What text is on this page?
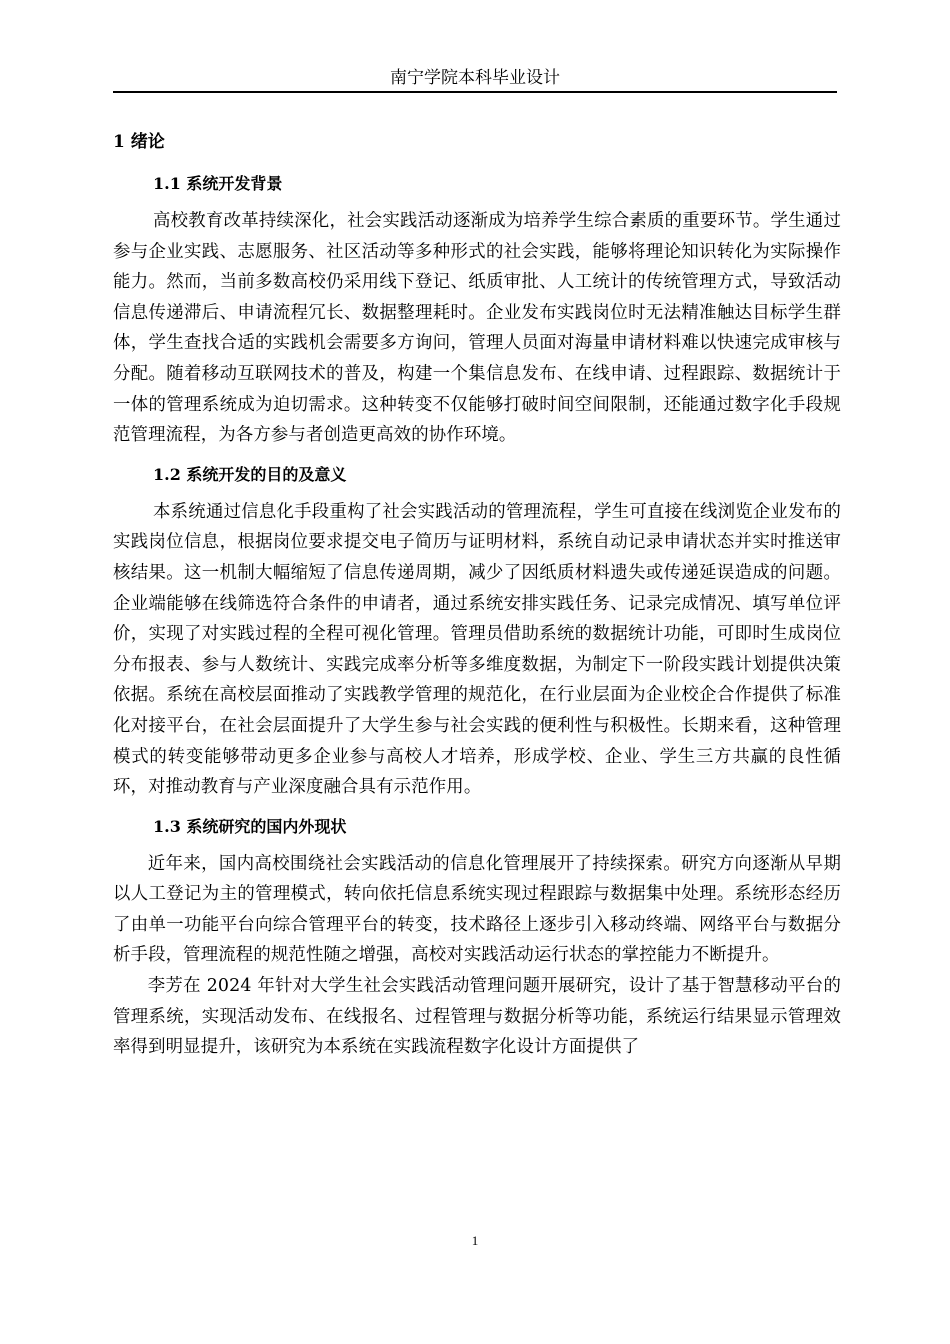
南宁学院本科毕业设计
1 绪论
1.1 系统开发背景

高校教育改革持续深化，社会实践活动逐渐成为培养学生综合素质的重要环节。学生通过参与企业实践、志愿服务、社区活动等多种形式的社会实践，能够将理论知识转化为实际操作能力。然而，当前多数高校仍采用线下登记、纸质审批、人工统计的传统管理方式，导致活动信息传递滞后、申请流程冗长、数据整理耗时。企业发布实践岗位时无法精准触达目标学生群体，学生查找合适的实践机会需要多方询问，管理人员面对海量申请材料难以快速完成审核与分配。随着移动互联网技术的普及，构建一个集信息发布、在线申请、过程跟踪、数据统计于一体的管理系统成为迫切需求。这种转变不仅能够打破时间空间限制，还能通过数字化手段规范管理流程，为各方参与者创造更高效的协作环境。

1.2 系统开发的目的及意义

本系统通过信息化手段重构了社会实践活动的管理流程，学生可直接在线浏览企业发布的实践岗位信息，根据岗位要求提交电子简历与证明材料，系统自动记录申请状态并实时推送审核结果。这一机制大幅缩短了信息传递周期，减少了因纸质材料遗失或传递延误造成的问题。企业端能够在线筛选符合条件的申请者，通过系统安排实践任务、记录完成情况、填写单位评价，实现了对实践过程的全程可视化管理。管理员借助系统的数据统计功能，可即时生成岗位分布报表、参与人数统计、实践完成率分析等多维度数据，为制定下一阶段实践计划提供决策依据。系统在高校层面推动了实践教学管理的规范化，在行业层面为企业校企合作提供了标准化对接平台，在社会层面提升了大学生参与社会实践的便利性与积极性。长期来看，这种管理模式的转变能够带动更多企业参与高校人才培养，形成学校、企业、学生三方共赢的良性循环，对推动教育与产业深度融合具有示范作用。

1.3 系统研究的国内外现状

近年来，国内高校围绕社会实践活动的信息化管理展开了持续探索。研究方向逐渐从早期以人工登记为主的管理模式，转向依托信息系统实现过程跟踪与数据集中处理。系统形态经历了由单一功能平台向综合管理平台的转变，技术路径上逐步引入移动终端、网络平台与数据分析手段，管理流程的规范性随之增强，高校对实践活动运行状态的掌控能力不断提升。

李芳在 2024 年针对大学生社会实践活动管理问题开展研究，设计了基于智慧移动平台的管理系统，实现活动发布、在线报名、过程管理与数据分析等功能，系统运行结果显示管理效率得到明显提升，该研究为本系统在实践流程数字化设计方面提供了

1
